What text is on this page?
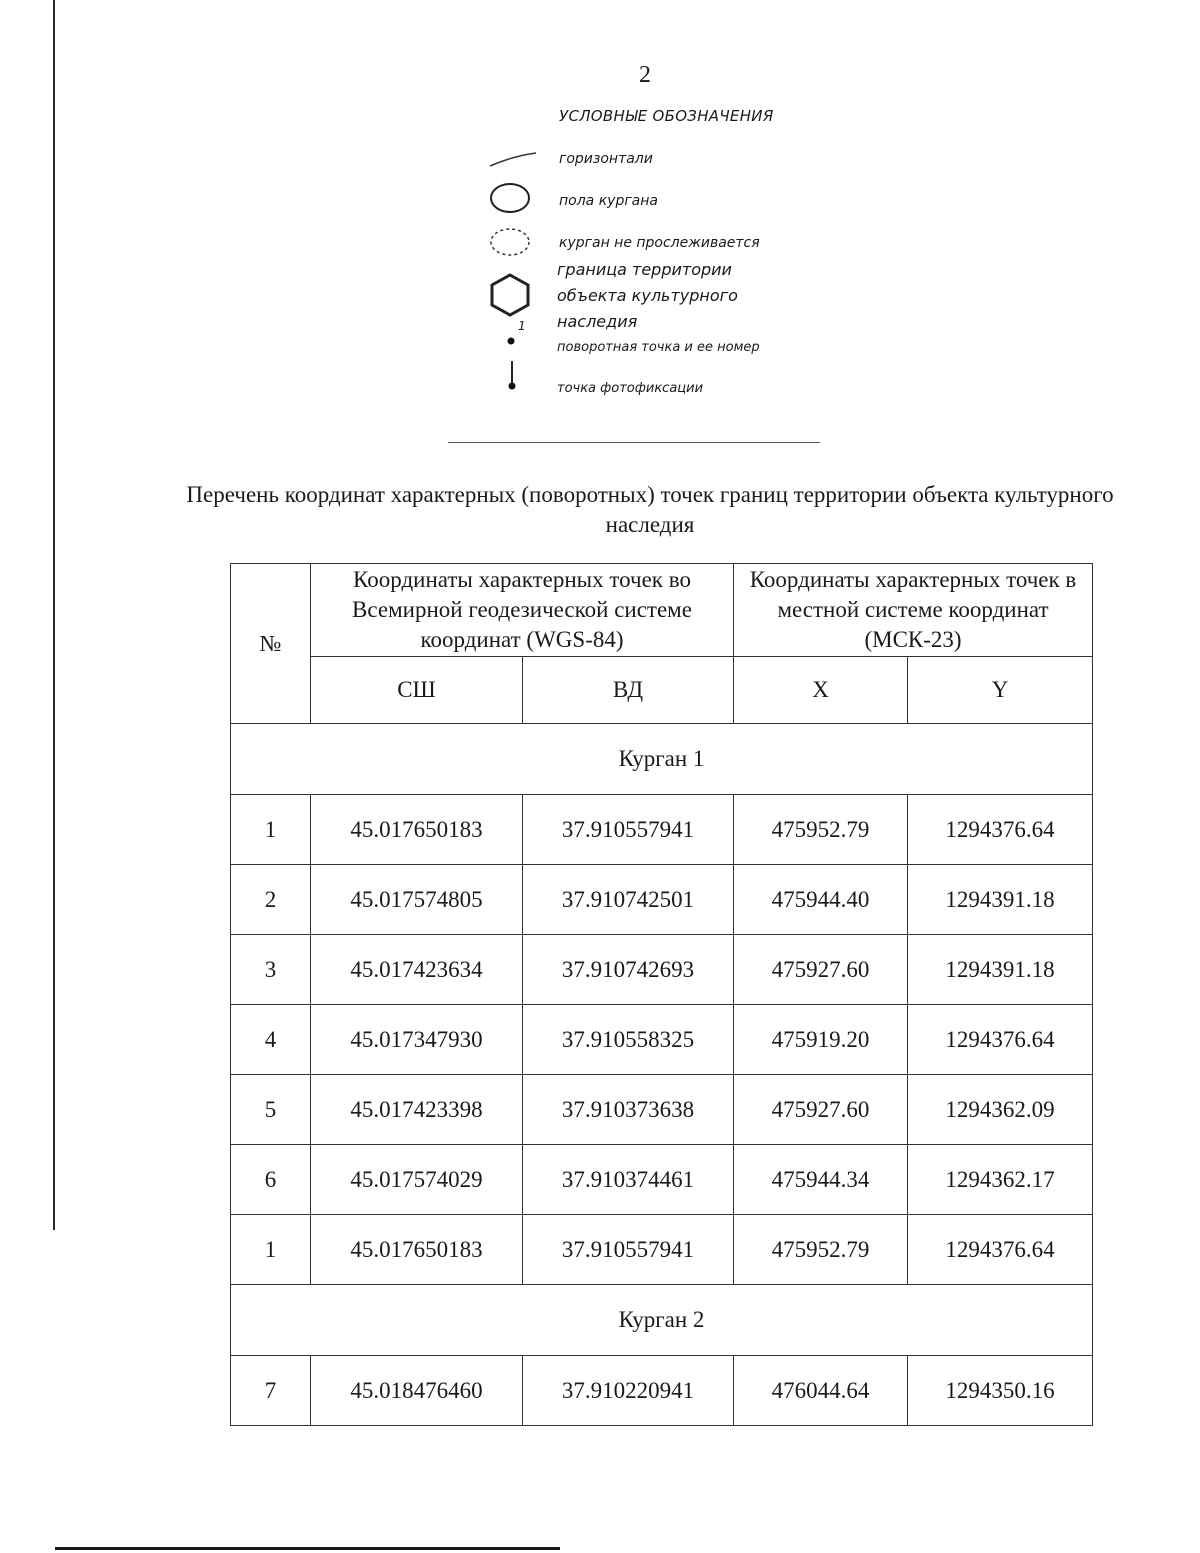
2
УСЛОВНЫЕ ОБОЗНАЧЕНИЯ
горизонтали
пола кургана
курган не прослеживается
граница территории объекта культурного наследия
1
поворотная точка и ее номер
точка фотофиксации
Перечень координат характерных (поворотных) точек границ территории объекта культурного наследия
№	Координаты характерных точек во Всемирной геодезической системе координат (WGS-84)		Координаты характерных точек в местной системе координат (МСК-23)	
	СШ	ВД	X	Y
Курган 1				
1	45.017650183	37.910557941	475952.79	1294376.64
2	45.017574805	37.910742501	475944.40	1294391.18
3	45.017423634	37.910742693	475927.60	1294391.18
4	45.017347930	37.910558325	475919.20	1294376.64
5	45.017423398	37.910373638	475927.60	1294362.09
6	45.017574029	37.910374461	475944.34	1294362.17
1	45.017650183	37.910557941	475952.79	1294376.64
Курган 2				
7	45.018476460	37.910220941	476044.64	1294350.16
